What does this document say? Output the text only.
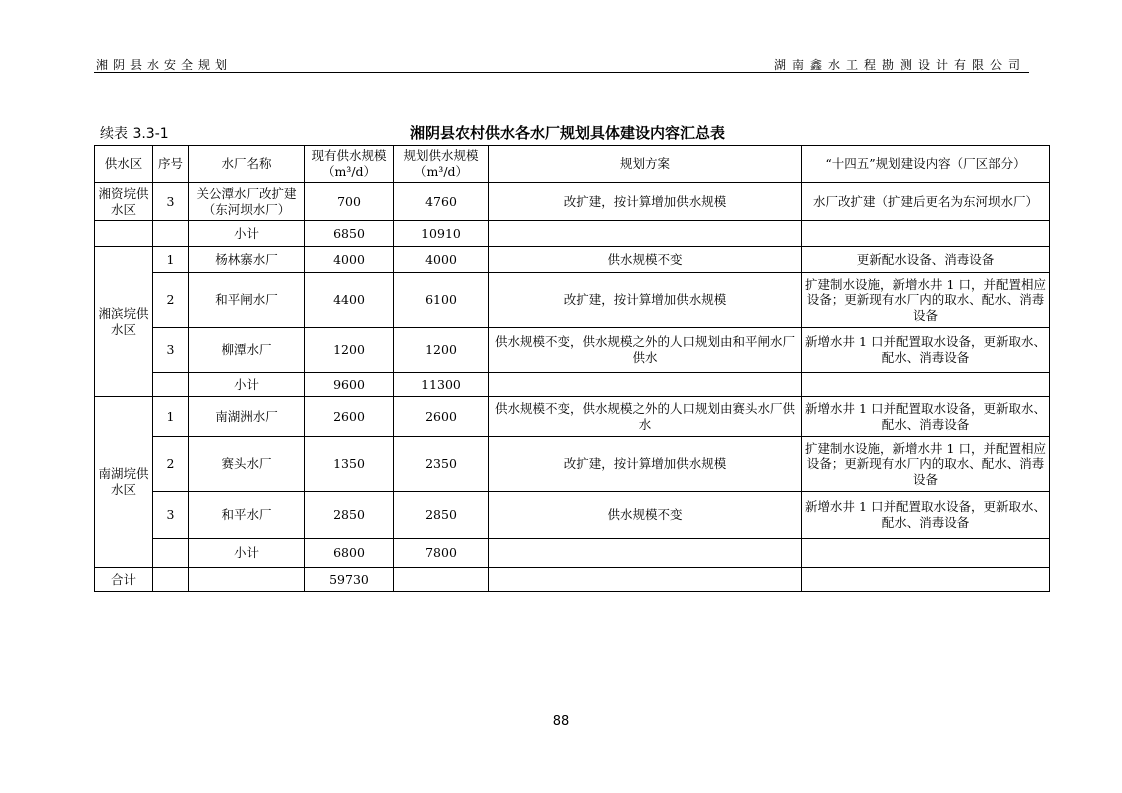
湘阴县水安全规划	湖南鑫水工程勘测设计有限公司
续表 3.3-1	湘阴县农村供水各水厂规划具体建设内容汇总表
供水区	序号	水厂名称	现有供水规模（m³/d）	规划供水规模（m³/d）	规划方案	“十四五”规划建设内容（厂区部分）
湘资垸供水区	3	关公潭水厂改扩建（东河坝水厂）	700	4760	改扩建，按计算增加供水规模	水厂改扩建（扩建后更名为东河坝水厂）
		小计	6850	10910		
湘滨垸供水区	1	杨林寨水厂	4000	4000	供水规模不变	更新配水设备、消毒设备
	2	和平闸水厂	4400	6100	改扩建，按计算增加供水规模	扩建制水设施，新增水井 1 口，并配置相应设备；更新现有水厂内的取水、配水、消毒设备
	3	柳潭水厂	1200	1200	供水规模不变，供水规模之外的人口规划由和平闸水厂供水	新增水井 1 口并配置取水设备，更新取水、配水、消毒设备
		小计	9600	11300		
南湖垸供水区	1	南湖洲水厂	2600	2600	供水规模不变，供水规模之外的人口规划由赛头水厂供水	新增水井 1 口并配置取水设备，更新取水、配水、消毒设备
	2	赛头水厂	1350	2350	改扩建，按计算增加供水规模	扩建制水设施，新增水井 1 口，并配置相应设备；更新现有水厂内的取水、配水、消毒设备
	3	和平水厂	2850	2850	供水规模不变	新增水井 1 口并配置取水设备，更新取水、配水、消毒设备
		小计	6800	7800		
合计			59730			
88
